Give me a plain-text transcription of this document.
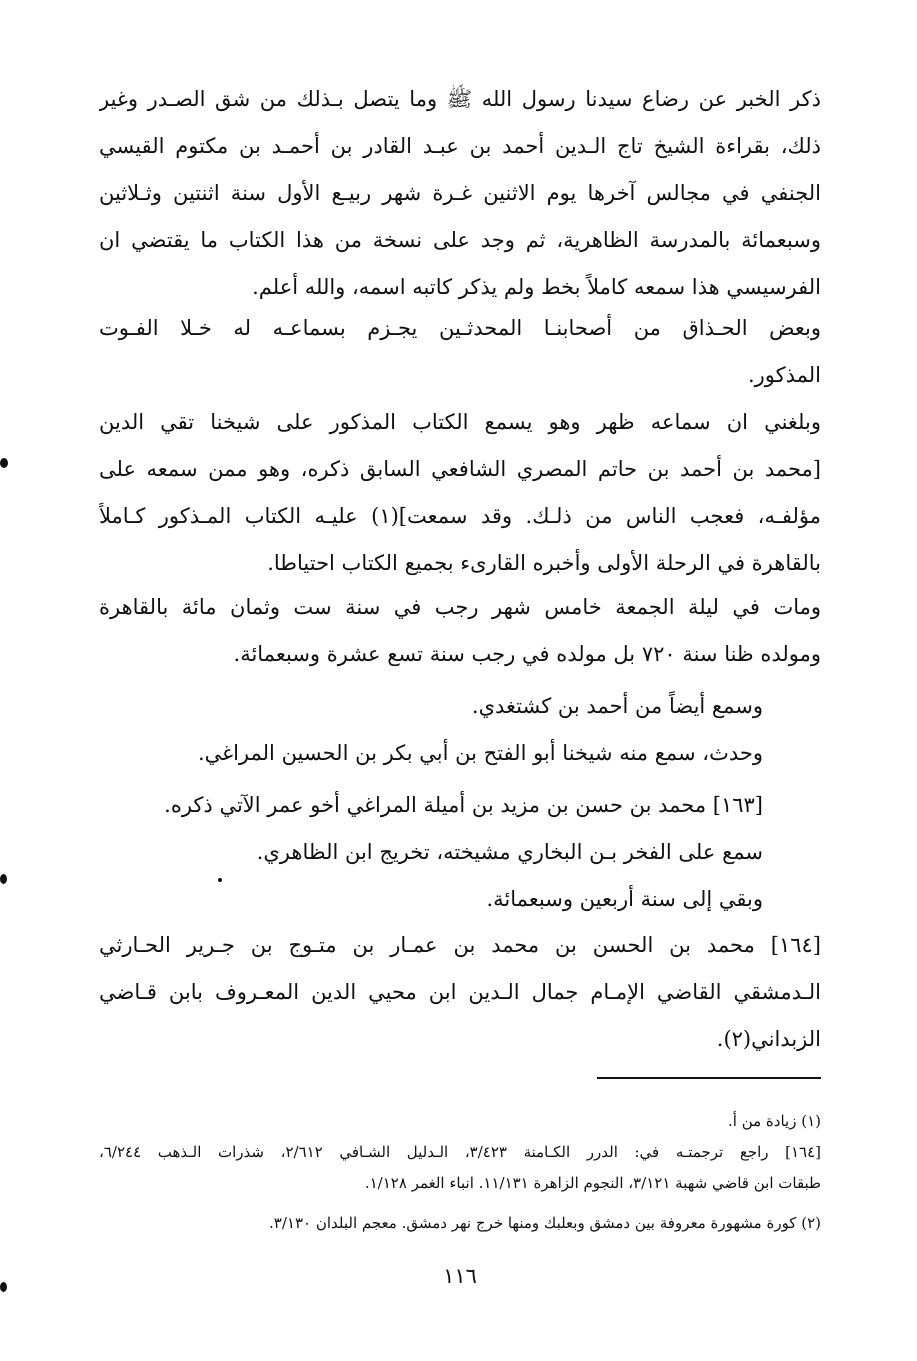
ذكر الخبر عن رضاع سيدنا رسول الله ﷺ وما يتصل بـذلك من شق الصـدر وغير
ذلك، بقراءة الشيخ تاج الـدين أحمد بن عبـد القادر بن أحمـد بن مكتوم القيسي
الجنفي في مجالس آخرها يوم الاثنين غـرة شهر ربيـع الأول سنة اثنتين وثـلاثين
وسبعمائة بالمدرسة الظاهرية، ثم وجد على نسخة من هذا الكتاب ما يقتضي ان
الفرسيسي هذا سمعه كاملاً بخط ولم يذكر كاتبه اسمه، والله أعلم.
وبعض الحـذاق من أصحابنـا المحدثـين يجـزم بسماعـه له خـلا الفـوت
المذكور.
وبلغني ان سماعه ظهر وهو يسمع الكتاب المذكور على شيخنا تقي الدين
[محمد بن أحمد بن حاتم المصري الشافعي السابق ذكره، وهو ممن سمعه على
مؤلفـه، فعجب الناس من ذلـك. وقد سمعت](١) عليـه الكتاب المـذكور كـاملاً
بالقاهرة في الرحلة الأولى وأخبره القارىء بجميع الكتاب احتياطا.
ومات في ليلة الجمعة خامس شهر رجب في سنة ست وثمان مائة بالقاهرة
ومولده ظنا سنة ٧٢٠ بل مولده في رجب سنة تسع عشرة وسبعمائة.
وسمع أيضاً من أحمد بن كشتغدي.
وحدث، سمع منه شيخنا أبو الفتح بن أبي بكر بن الحسين المراغي.
[١٦٣] محمد بن حسن بن مزيد بن أميلة المراغي أخو عمر الآتي ذكره.
سمع على الفخر بـن البخاري مشيخته، تخريج ابن الظاهري.
وبقي إلى سنة أربعين وسبعمائة.
[١٦٤] محمد بن الحسن بن محمد بن عمـار بن متـوج بن جـرير الحـارثي
الـدمشقي القاضي الإمـام جمال الـدين ابن محيي الدين المعـروف بابن قـاضي
الزبداني(٢).
(١) زيادة من أ.
[١٦٤] راجع ترجمتـه في: الدرر الكـامنة ٣/٤٢٣، الـدليل الشـافي ٢/٦١٢، شذرات الـذهب ٦/٢٤٤،
طبقات ابن قاضي شهبة ٣/١٢١، النجوم الزاهرة ١١/١٣١. انباء الغمر ١/١٢٨.
(٢) كورة مشهورة معروفة بين دمشق وبعلبك ومنها خرج نهر دمشق. معجم البلدان ٣/١٣٠.
١١٦
